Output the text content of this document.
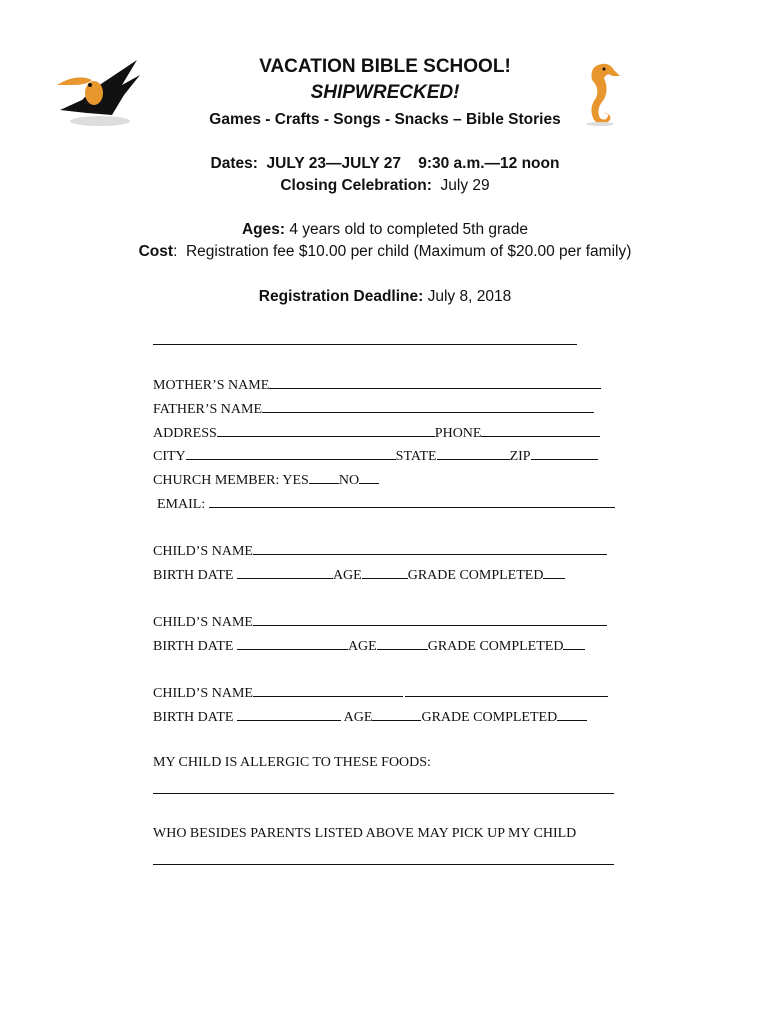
VACATION BIBLE SCHOOL!
SHIPWRECKED!
Games - Crafts - Songs - Snacks – Bible Stories
Dates: JULY 23—JULY 27    9:30 a.m.—12 noon
Closing Celebration: July 29
Ages: 4 years old to completed 5th grade
Cost:  Registration fee $10.00 per child (Maximum of $20.00 per family)
Registration Deadline: July 8, 2018
MOTHER’S NAME
FATHER’S NAME
ADDRESS	PHONE
CITY	STATE	ZIP
CHURCH MEMBER: YES NO
EMAIL:
CHILD’S NAME
BIRTH DATE	AGE	GRADE COMPLETED
CHILD’S NAME
BIRTH DATE	AGE	GRADE COMPLETED
CHILD’S NAME
BIRTH DATE	AGE	GRADE COMPLETED
MY CHILD IS ALLERGIC TO THESE FOODS:
WHO BESIDES PARENTS LISTED ABOVE MAY PICK UP MY CHILD
